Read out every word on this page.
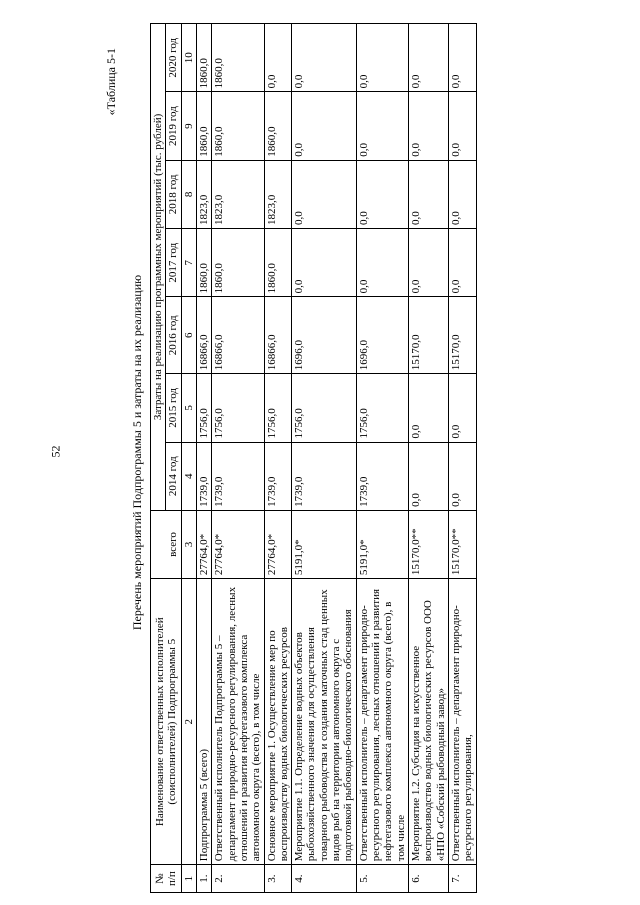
52
«Таблица 5-1
Перечень мероприятий Подпрограммы 5 и затраты на их реализацию
№ п/п	Наименование ответственных исполнителей (соисполнителей) Подпрограммы 5	всего	Затраты на реализацию программных мероприятий (тыс. рублей)						
			2014 год	2015 год	2016 год	2017 год	2018 год	2019 год	2020 год
1	2	3	4	5	6	7	8	9	10
1.	Подпрограмма 5 (всего)	27764,0*	1739,0	1756,0	16866,0	1860,0	1823,0	1860,0	1860,0
2.	Ответственный исполнитель Подпрограммы 5 – департамент природно-ресурсного регулирования, лесных отношений и развития нефтегазового комплекса автономного округа (всего), в том числе	27764,0*	1739,0	1756,0	16866,0	1860,0	1823,0	1860,0	1860,0
3.	Основное мероприятие 1. Осуществление мер по воспроизводству водных биологических ресурсов	27764,0*	1739,0	1756,0	16866,0	1860,0	1823,0	1860,0	0,0
4.	Мероприятие 1.1. Определение водных объектов рыбохозяйственного значения для осуществления товарного рыбоводства и создания маточных стад ценных видов рыб на территории автономного округа с подготовкой рыбоводно-биологического обоснования	5191,0*	1739,0	1756,0	1696,0	0,0	0,0	0,0	0,0
5.	Ответственный исполнитель – департамент природно-ресурсного регулирования, лесных отношений и развития нефтегазового комплекса автономного округа (всего), в том числе	5191,0*	1739,0	1756,0	1696,0	0,0	0,0	0,0	0,0
6.	Мероприятие 1.2. Субсидия на искусственное воспроизводство водных биологических ресурсов ООО «НПО «Собский рыбоводный завод»	15170,0**	0,0	0,0	15170,0	0,0	0,0	0,0	0,0
7.	Ответственный исполнитель – департамент природно-ресурсного регулирования,	15170,0**	0,0	0,0	15170,0	0,0	0,0	0,0	0,0
